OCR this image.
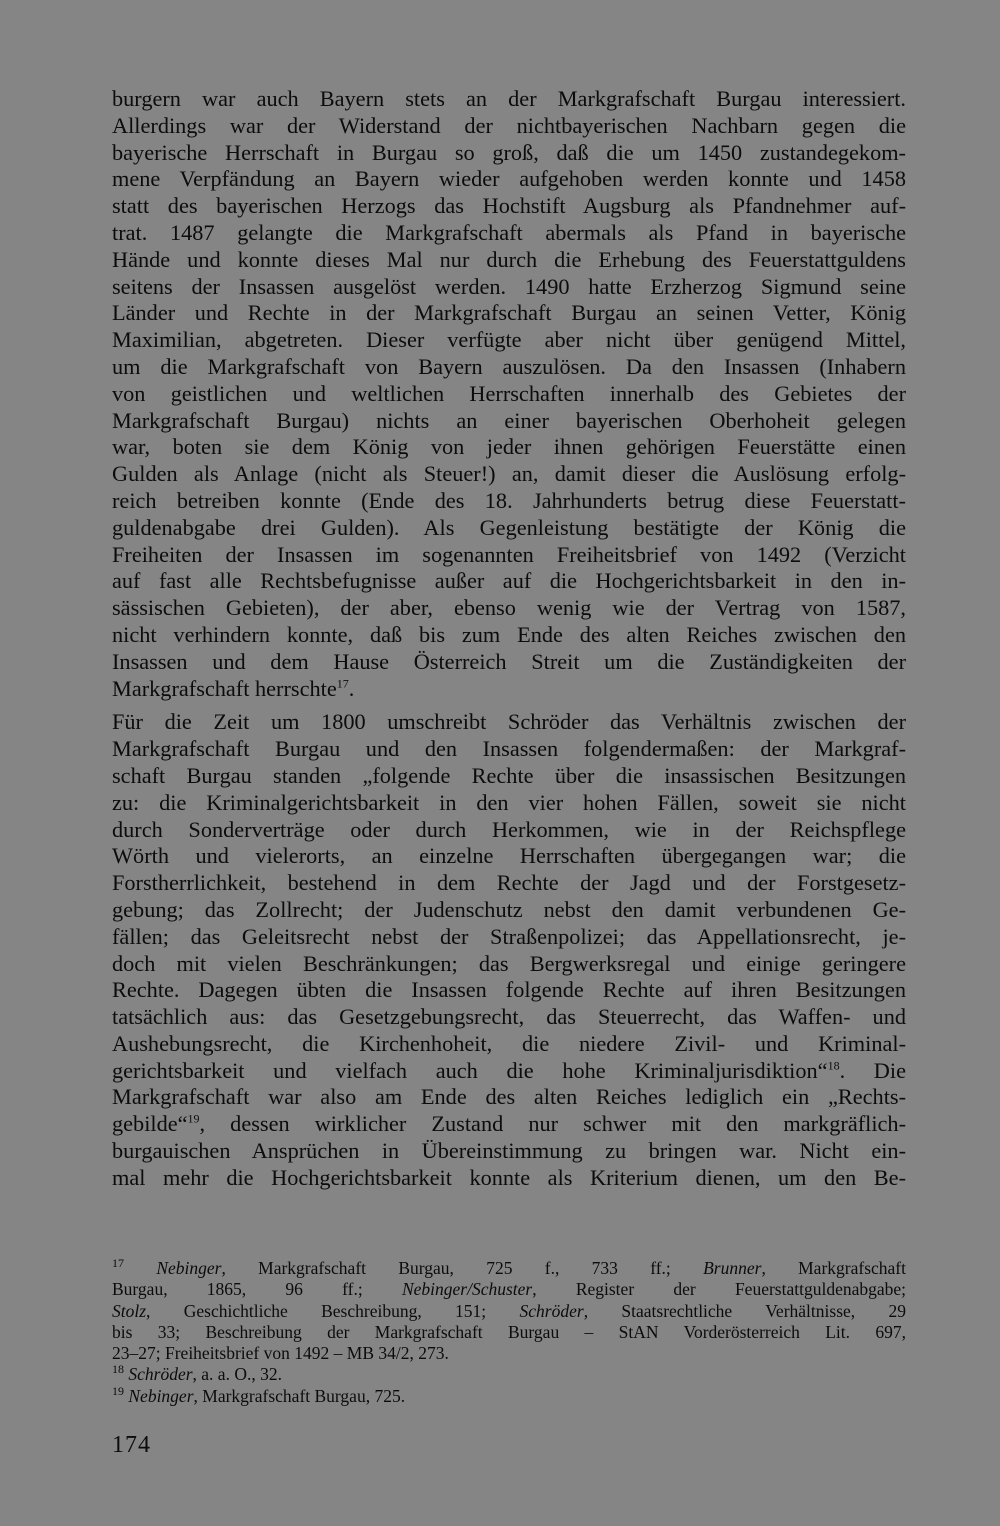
burgern war auch Bayern stets an der Markgrafschaft Burgau interessiert.
Allerdings war der Widerstand der nichtbayerischen Nachbarn gegen die
bayerische Herrschaft in Burgau so groß, daß die um 1450 zustandegekom-
mene Verpfändung an Bayern wieder aufgehoben werden konnte und 1458
statt des bayerischen Herzogs das Hochstift Augsburg als Pfandnehmer auf-
trat. 1487 gelangte die Markgrafschaft abermals als Pfand in bayerische
Hände und konnte dieses Mal nur durch die Erhebung des Feuerstattguldens
seitens der Insassen ausgelöst werden. 1490 hatte Erzherzog Sigmund seine
Länder und Rechte in der Markgrafschaft Burgau an seinen Vetter, König
Maximilian, abgetreten. Dieser verfügte aber nicht über genügend Mittel,
um die Markgrafschaft von Bayern auszulösen. Da den Insassen (Inhabern
von geistlichen und weltlichen Herrschaften innerhalb des Gebietes der
Markgrafschaft Burgau) nichts an einer bayerischen Oberhoheit gelegen
war, boten sie dem König von jeder ihnen gehörigen Feuerstätte einen
Gulden als Anlage (nicht als Steuer!) an, damit dieser die Auslösung erfolg-
reich betreiben konnte (Ende des 18. Jahrhunderts betrug diese Feuerstatt-
guldenabgabe drei Gulden). Als Gegenleistung bestätigte der König die
Freiheiten der Insassen im sogenannten Freiheitsbrief von 1492 (Verzicht
auf fast alle Rechtsbefugnisse außer auf die Hochgerichtsbarkeit in den in-
sässischen Gebieten), der aber, ebenso wenig wie der Vertrag von 1587,
nicht verhindern konnte, daß bis zum Ende des alten Reiches zwischen den
Insassen und dem Hause Österreich Streit um die Zuständigkeiten der
Markgrafschaft herrschte$^{17}$.
Für die Zeit um 1800 umschreibt Schröder das Verhältnis zwischen der
Markgrafschaft Burgau und den Insassen folgendermaßen: der Markgraf-
schaft Burgau standen „folgende Rechte über die insassischen Besitzungen
zu: die Kriminalgerichtsbarkeit in den vier hohen Fällen, soweit sie nicht
durch Sonderverträge oder durch Herkommen, wie in der Reichspflege
Wörth und vielerorts, an einzelne Herrschaften übergegangen war; die
Forstherrlichkeit, bestehend in dem Rechte der Jagd und der Forstgesetz-
gebung; das Zollrecht; der Judenschutz nebst den damit verbundenen Ge-
fällen; das Geleitsrecht nebst der Straßenpolizei; das Appellationsrecht, je-
doch mit vielen Beschränkungen; das Bergwerksregal und einige geringere
Rechte. Dagegen übten die Insassen folgende Rechte auf ihren Besitzungen
tatsächlich aus: das Gesetzgebungsrecht, das Steuerrecht, das Waffen- und
Aushebungsrecht, die Kirchenhoheit, die niedere Zivil- und Kriminal-
gerichtsbarkeit und vielfach auch die hohe Kriminaljurisdiktion“$^{18}$. Die
Markgrafschaft war also am Ende des alten Reiches lediglich ein „Rechts-
gebilde“$^{19}$, dessen wirklicher Zustand nur schwer mit den markgräflich-
burgauischen Ansprüchen in Übereinstimmung zu bringen war. Nicht ein-
mal mehr die Hochgerichtsbarkeit konnte als Kriterium dienen, um den Be-
$^{17}$ Nebinger, Markgrafschaft Burgau, 725 f., 733 ff.; Brunner, Markgrafschaft
Burgau, 1865, 96 ff.; Nebinger/Schuster, Register der Feuerstattguldenabgabe;
Stolz, Geschichtliche Beschreibung, 151; Schröder, Staatsrechtliche Verhältnisse, 29
bis 33; Beschreibung der Markgrafschaft Burgau – StAN Vorderösterreich Lit. 697,
23–27; Freiheitsbrief von 1492 – MB 34/2, 273.
$^{18}$ Schröder, a. a. O., 32.
$^{19}$ Nebinger, Markgrafschaft Burgau, 725.
174
